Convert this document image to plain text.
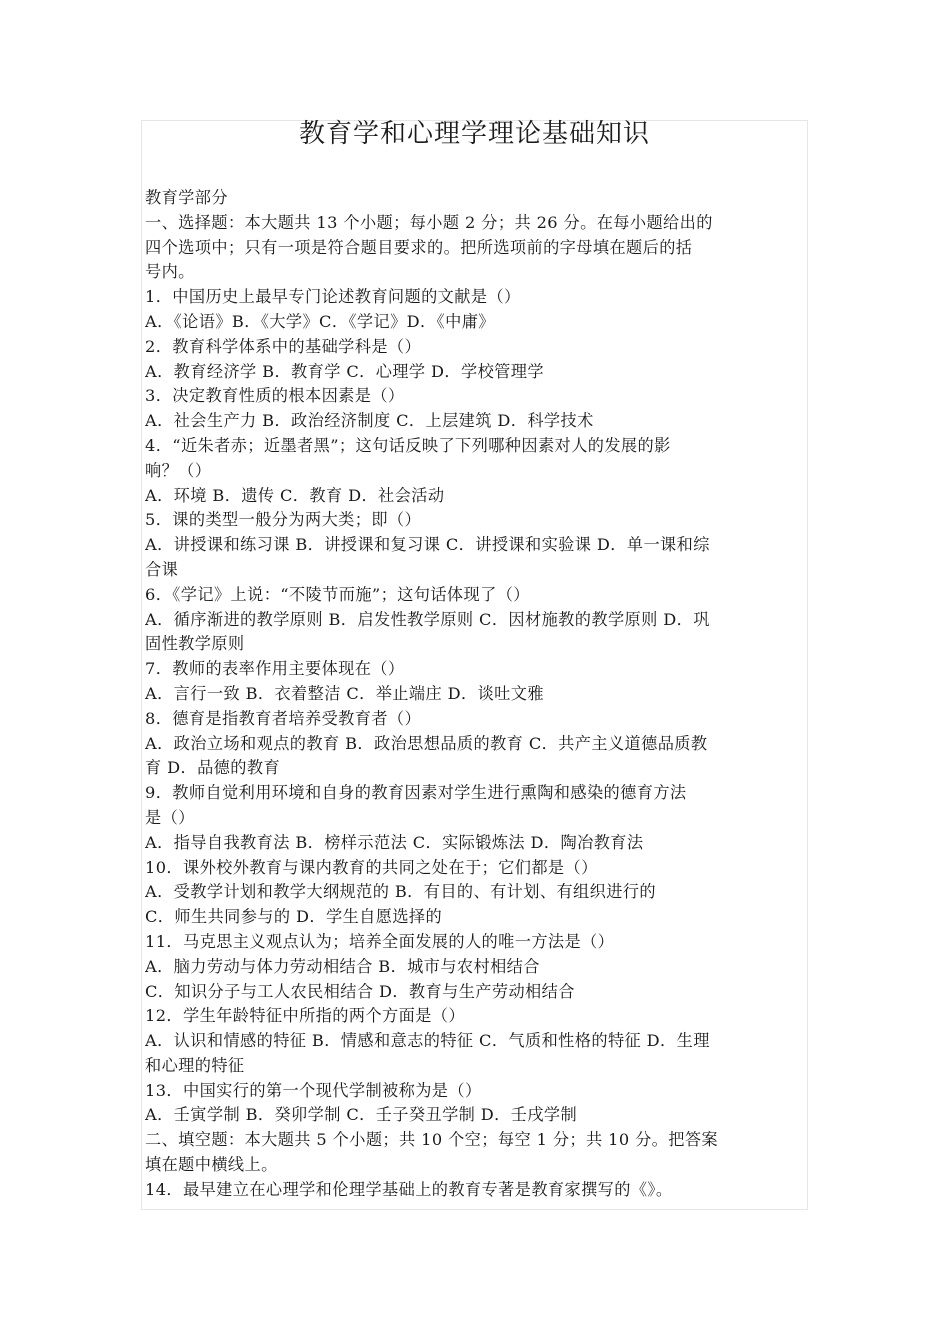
教育学和心理学理论基础知识
教育学部分
一、选择题：本大题共 13 个小题；每小题 2 分；共 26 分。在每小题给出的
四个选项中；只有一项是符合题目要求的。把所选项前的字母填在题后的括
号内。
1．中国历史上最早专门论述教育问题的文献是（）
A．《论语》B．《大学》C．《学记》D．《中庸》
2．教育科学体系中的基础学科是（）
A．教育经济学 B．教育学 C．心理学 D．学校管理学
3．决定教育性质的根本因素是（）
A．社会生产力 B．政治经济制度 C．上层建筑 D．科学技术
4．“近朱者赤；近墨者黑”；这句话反映了下列哪种因素对人的发展的影
响？（）
A．环境 B．遗传 C．教育 D．社会活动
5．课的类型一般分为两大类；即（）
A．讲授课和练习课 B．讲授课和复习课 C．讲授课和实验课 D．单一课和综
合课
6．《学记》上说：“不陵节而施”；这句话体现了（）
A．循序渐进的教学原则 B．启发性教学原则 C．因材施教的教学原则 D．巩
固性教学原则
7．教师的表率作用主要体现在（）
A．言行一致 B．衣着整洁 C．举止端庄 D．谈吐文雅
8．德育是指教育者培养受教育者（）
A．政治立场和观点的教育 B．政治思想品质的教育 C．共产主义道德品质教
育 D．品德的教育
9．教师自觉利用环境和自身的教育因素对学生进行熏陶和感染的德育方法
是（）
A．指导自我教育法 B．榜样示范法 C．实际锻炼法 D．陶冶教育法
10．课外校外教育与课内教育的共同之处在于；它们都是（）
A．受教学计划和教学大纲规范的 B．有目的、有计划、有组织进行的
C．师生共同参与的 D．学生自愿选择的
11．马克思主义观点认为；培养全面发展的人的唯一方法是（）
A．脑力劳动与体力劳动相结合 B．城市与农村相结合
C．知识分子与工人农民相结合 D．教育与生产劳动相结合
12．学生年龄特征中所指的两个方面是（）
A．认识和情感的特征 B．情感和意志的特征 C．气质和性格的特征 D．生理
和心理的特征
13．中国实行的第一个现代学制被称为是（）
A．壬寅学制 B．癸卯学制 C．壬子癸丑学制 D．壬戌学制
二、填空题：本大题共 5 个小题；共 10 个空；每空 1 分；共 10 分。把答案
填在题中横线上。
14．最早建立在心理学和伦理学基础上的教育专著是教育家撰写的《》。
